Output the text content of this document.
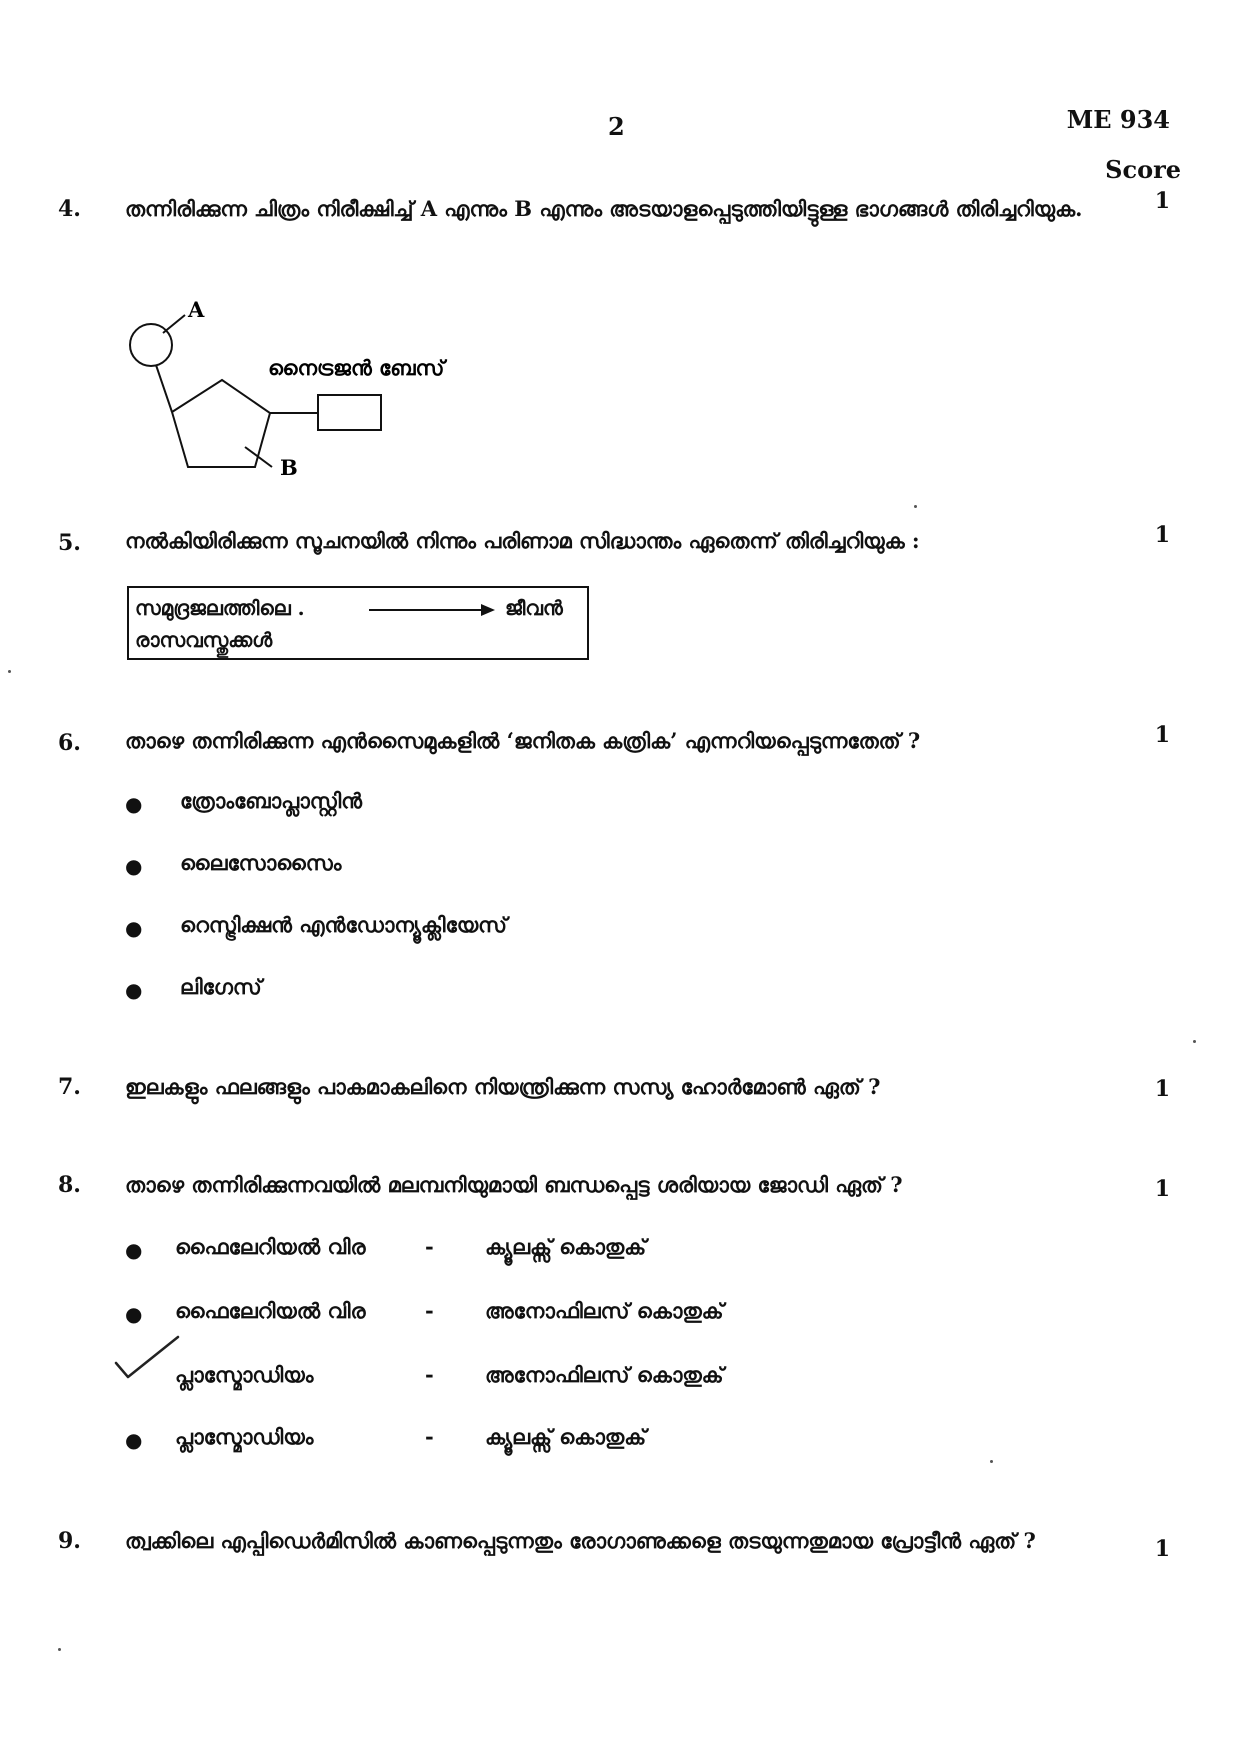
2	ME 934
Score
4. തന്നിരിക്കുന്ന ചിത്രം നിരീക്ഷിച്ച് A എന്നും B എന്നും അടയാളപ്പെടുത്തിയിട്ടുള്ള ഭാഗങ്ങൾ തിരിച്ചറിയുക.	1
A
B
നൈട്രജൻ ബേസ്
5. നൽകിയിരിക്കുന്ന സൂചനയിൽ നിന്നും പരിണാമ സിദ്ധാന്തം ഏതെന്ന് തിരിച്ചറിയുക :	1
സമുദ്രജലത്തിലെ .
രാസവസ്തുക്കൾ
ജീവൻ
6. താഴെ തന്നിരിക്കുന്ന എൻസൈമുകളിൽ ‘ജനിതക കത്രിക’ എന്നറിയപ്പെടുന്നതേത് ?	1
● ത്രോംബോപ്ലാസ്റ്റിൻ
● ലൈസോസൈം
● റെസ്ട്രിക്ഷൻ എൻഡോന്യൂക്ലിയേസ്
● ലിഗേസ്
7. ഇലകളും ഫലങ്ങളും പാകമാകലിനെ നിയന്ത്രിക്കുന്ന സസ്യ ഹോർമോൺ ഏത് ?	1
8. താഴെ തന്നിരിക്കുന്നവയിൽ മലമ്പനിയുമായി ബന്ധപ്പെട്ട ശരിയായ ജോഡി ഏത് ?	1
● ഫൈലേറിയൽ വിര	- ക്യൂലക്സ് കൊതുക്
● ഫൈലേറിയൽ വിര	- അനോഫിലസ് കൊതുക്
പ്ലാസ്മോഡിയം	- അനോഫിലസ് കൊതുക്
● പ്ലാസ്മോഡിയം	- ക്യൂലക്സ് കൊതുക്
9. ത്വക്കിലെ എപ്പിഡെർമിസിൽ കാണപ്പെടുന്നതും രോഗാണുക്കളെ തടയുന്നതുമായ പ്രോട്ടീൻ ഏത് ?	1
